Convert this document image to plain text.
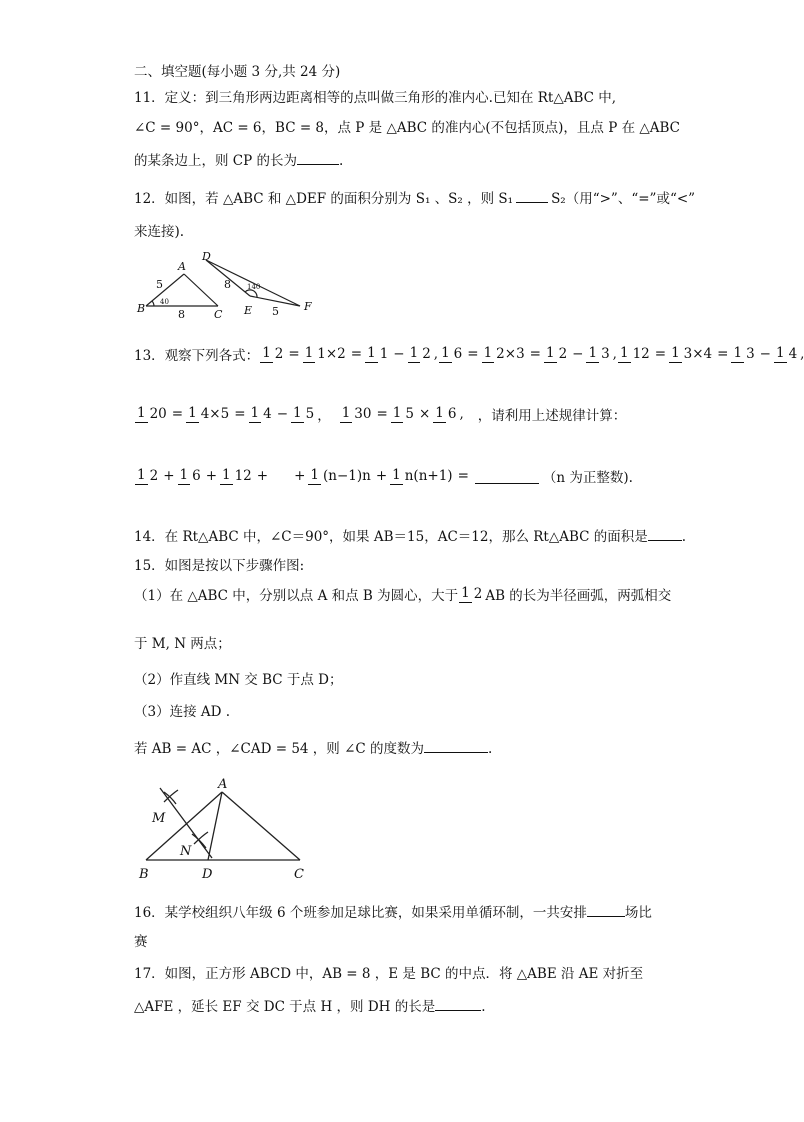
二、填空题(每小题 3 分,共 24 分)
11．定义：到三角形两边距离相等的点叫做三角形的准内心.已知在 Rt△ABC 中,
∠C = 90°，AC = 6，BC = 8，点 P 是 △ABC 的准内心(不包括顶点)，且点 P 在 △ABC
的某条边上，则 CP 的长为	.
12．如图，若 △ABC 和 △DEF 的面积分别为 S₁ 、S₂ ，则 S₁	S₂（用“>”、“=”或“<”
来连接).
A
B	C
D
E	F
5
8
8
5
40
140
13．观察下列各式： 1 2 = 1 1×2 = 1 1 − 1 2 , 1 6 = 1 2×3 = 1 2 − 1 3 , 1 12 = 1 3×4 = 1 3 − 1 4
1 20 = 1 4×5 = 1 4 − 1 5 ， 1 30 = 1 5 × 1 6 , ，请利用上述规律计算：
1 2 + 1 6 + 1 12 + + 1 (n−1)n + 1 n(n+1) =	（n 为正整数).
14．在 Rt△ABC 中，∠C＝90°，如果 AB＝15，AC＝12，那么 Rt△ABC 的面积是	.
15．如图是按以下步骤作图:
（1）在 △ABC 中，分别以点 A 和点 B 为圆心，大于 1 2 AB 的长为半径画弧，两弧相交
于 M, N 两点；
（2）作直线 MN 交 BC 于点 D；
（3）连接 AD .
若 AB = AC ，∠CAD = 54 ，则 ∠C 的度数为	.
A
B	C
D
M
N
16．某学校组织八年级 6 个班参加足球比赛，如果采用单循环制，一共安排	场比
赛
17．如图，正方形 ABCD 中，AB = 8 ，E 是 BC 的中点．将 △ABE 沿 AE 对折至
△AFE ，延长 EF 交 DC 于点 H ，则 DH 的长是	.
